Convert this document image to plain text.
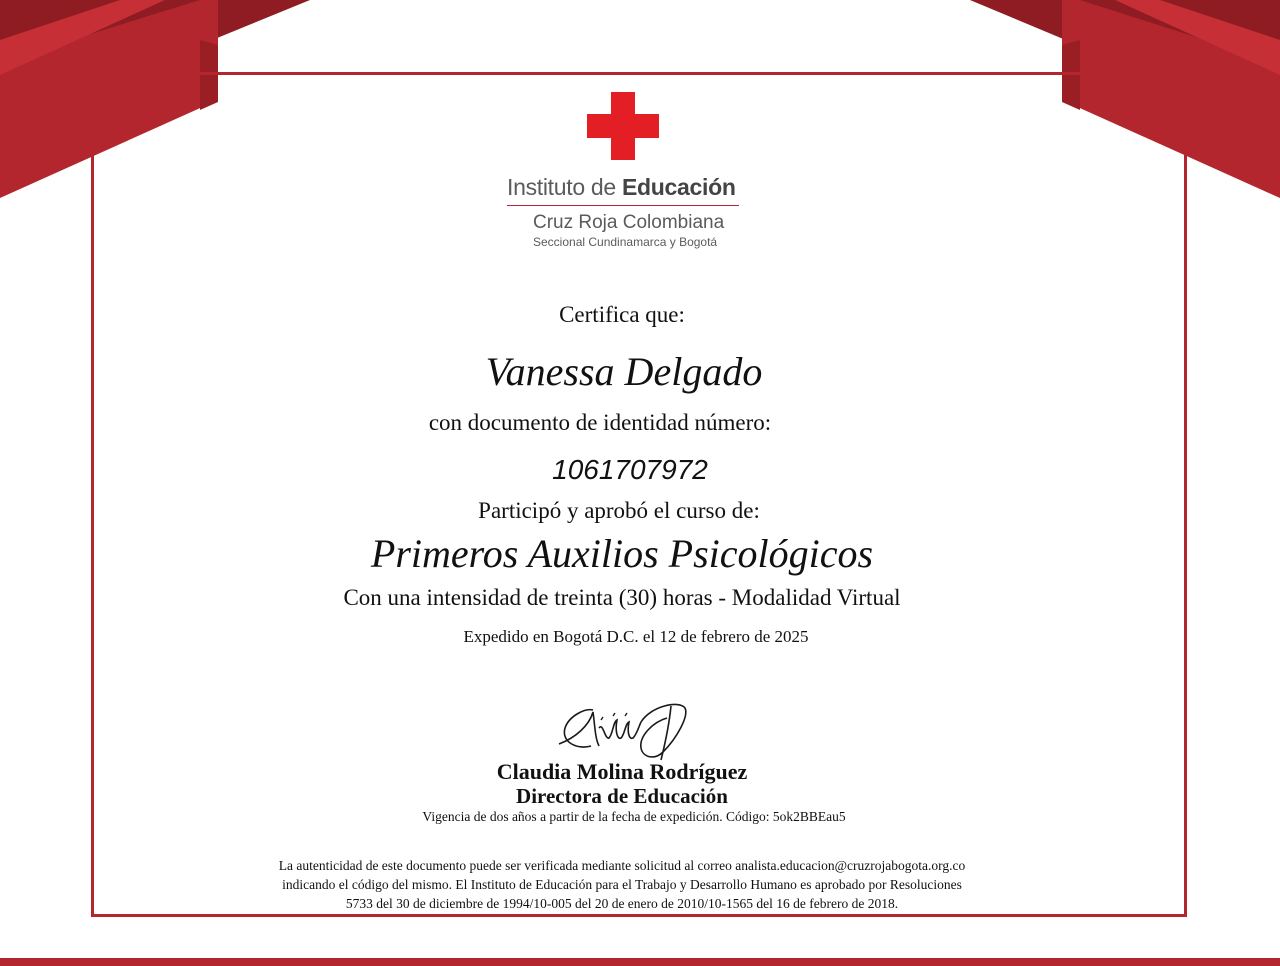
Instituto de Educación
Cruz Roja Colombiana
Seccional Cundinamarca y Bogotá
Certifica que:
Vanessa Delgado
con documento de identidad número:
1061707972
Participó y aprobó el curso de:
Primeros Auxilios Psicológicos
Con una intensidad de treinta (30) horas - Modalidad Virtual
Expedido en Bogotá D.C. el 12 de febrero de 2025
Claudia Molina Rodríguez
Directora de Educación
Vigencia de dos años a partir de la fecha de expedición. Código: 5ok2BBEau5
La autenticidad de este documento puede ser verificada mediante solicitud al correo analista.educacion@cruzrojabogota.org.co
indicando el código del mismo. El Instituto de Educación para el Trabajo y Desarrollo Humano es aprobado por Resoluciones
5733 del 30 de diciembre de 1994/10-005 del 20 de enero de 2010/10-1565 del 16 de febrero de 2018.
